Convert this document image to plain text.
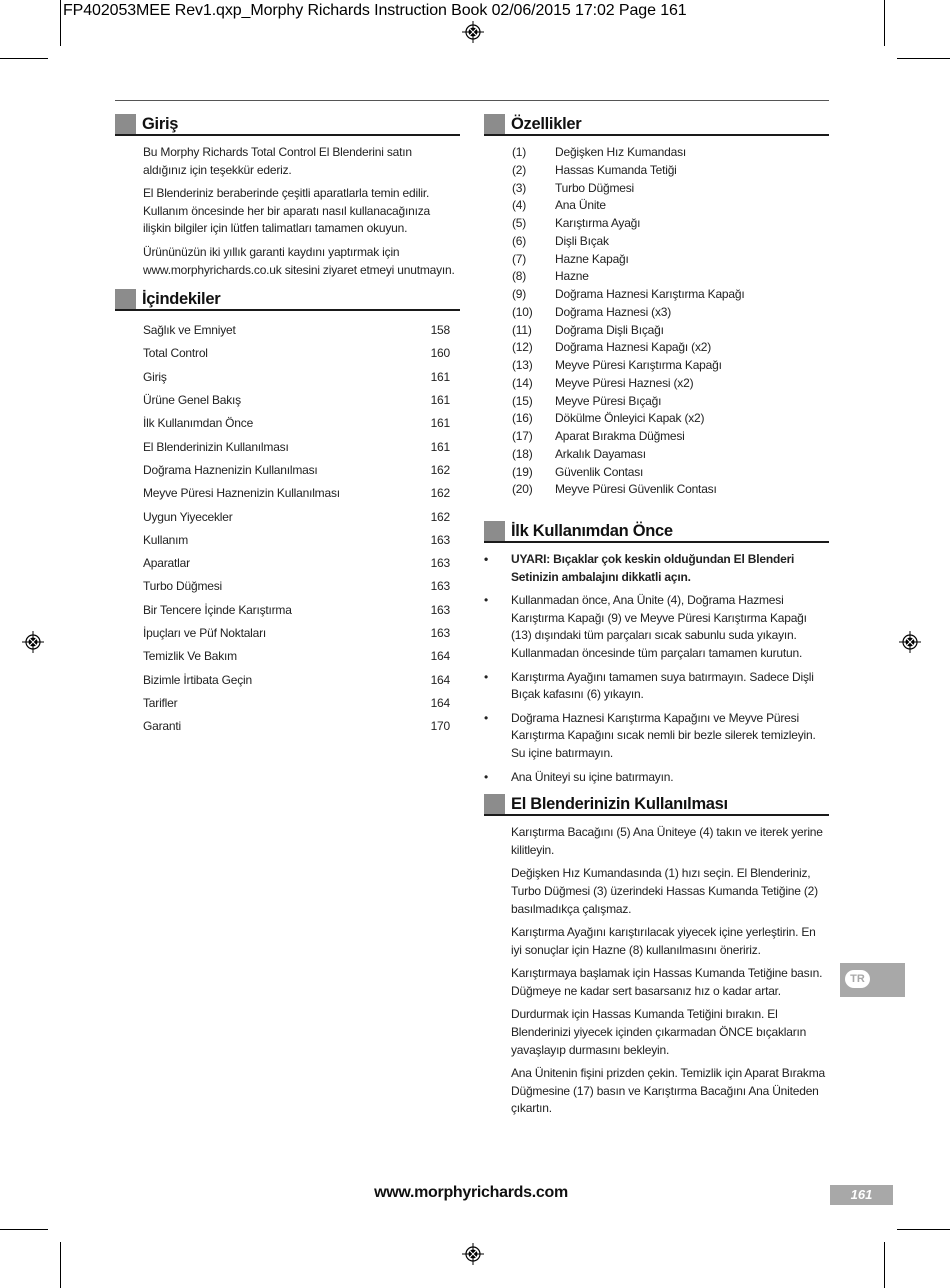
FP402053MEE Rev1.qxp_Morphy Richards Instruction Book 02/06/2015 17:02 Page 161
Giriş

Bu Morphy Richards Total Control El Blenderini satın aldığınız için teşekkür ederiz.

El Blenderiniz beraberinde çeşitli aparatlarla temin edilir. Kullanım öncesinde her bir aparatı nasıl kullanacağınıza ilişkin bilgiler için lütfen talimatları tamamen okuyun.

Ürününüzün iki yıllık garanti kaydını yaptırmak için www.morphyrichards.co.uk sitesini ziyaret etmeyi unutmayın.

İçindekiler
Sağlık ve Emniyet	158
Total Control	160
Giriş	161
Ürüne Genel Bakış	161
İlk Kullanımdan Önce	161
El Blenderinizin Kullanılması	161
Doğrama Haznenizin Kullanılması	162
Meyve Püresi Haznenizin Kullanılması	162
Uygun Yiyecekler	162
Kullanım	163
Aparatlar	163
Turbo Düğmesi	163
Bir Tencere İçinde Karıştırma	163
İpuçları ve Püf Noktaları	163
Temizlik Ve Bakım	164
Bizimle İrtibata Geçin	164
Tarifler	164
Garanti	170
Özellikler
(1)	Değişken Hız Kumandası
(2)	Hassas Kumanda Tetiği
(3)	Turbo Düğmesi
(4)	Ana Ünite
(5)	Karıştırma Ayağı
(6)	Dişli Bıçak
(7)	Hazne Kapağı
(8)	Hazne
(9)	Doğrama Haznesi Karıştırma Kapağı
(10)	Doğrama Haznesi (x3)
(11)	Doğrama Dişli Bıçağı
(12)	Doğrama Haznesi Kapağı (x2)
(13)	Meyve Püresi Karıştırma Kapağı
(14)	Meyve Püresi Haznesi (x2)
(15)	Meyve Püresi Bıçağı
(16)	Dökülme Önleyici Kapak (x2)
(17)	Aparat Bırakma Düğmesi
(18)	Arkalık Dayaması
(19)	Güvenlik Contası
(20)	Meyve Püresi Güvenlik Contası
İlk Kullanımdan Önce
•	UYARI: Bıçaklar çok keskin olduğundan El Blenderi Setinizin ambalajını dikkatli açın.
•	Kullanmadan önce, Ana Ünite (4), Doğrama Hazmesi Karıştırma Kapağı (9) ve Meyve Püresi Karıştırma Kapağı (13) dışındaki tüm parçaları sıcak sabunlu suda yıkayın. Kullanmadan öncesinde tüm parçaları tamamen kurutun.
•	Karıştırma Ayağını tamamen suya batırmayın. Sadece Dişli Bıçak kafasını (6) yıkayın.
•	Doğrama Haznesi Karıştırma Kapağını ve Meyve Püresi Karıştırma Kapağını sıcak nemli bir bezle silerek temizleyin. Su içine batırmayın.
•	Ana Üniteyi su içine batırmayın.
El Blenderinizin Kullanılması

Karıştırma Bacağını (5) Ana Üniteye (4) takın ve iterek yerine kilitleyin.

Değişken Hız Kumandasında (1) hızı seçin. El Blenderiniz, Turbo Düğmesi (3) üzerindeki Hassas Kumanda Tetiğine (2) basılmadıkça çalışmaz.

Karıştırma Ayağını karıştırılacak yiyecek içine yerleştirin. En iyi sonuçlar için Hazne (8) kullanılmasını öneririz.

Karıştırmaya başlamak için Hassas Kumanda Tetiğine basın. Düğmeye ne kadar sert basarsanız hız o kadar artar.

Durdurmak için Hassas Kumanda Tetiğini bırakın. El Blenderinizi yiyecek içinden çıkarmadan ÖNCE bıçakların yavaşlayıp durmasını bekleyin.

Ana Ünitenin fişini prizden çekin. Temizlik için Aparat Bırakma Düğmesine (17) basın ve Karıştırma Bacağını Ana Üniteden çıkartın.

TR
www.morphyrichards.com	161
